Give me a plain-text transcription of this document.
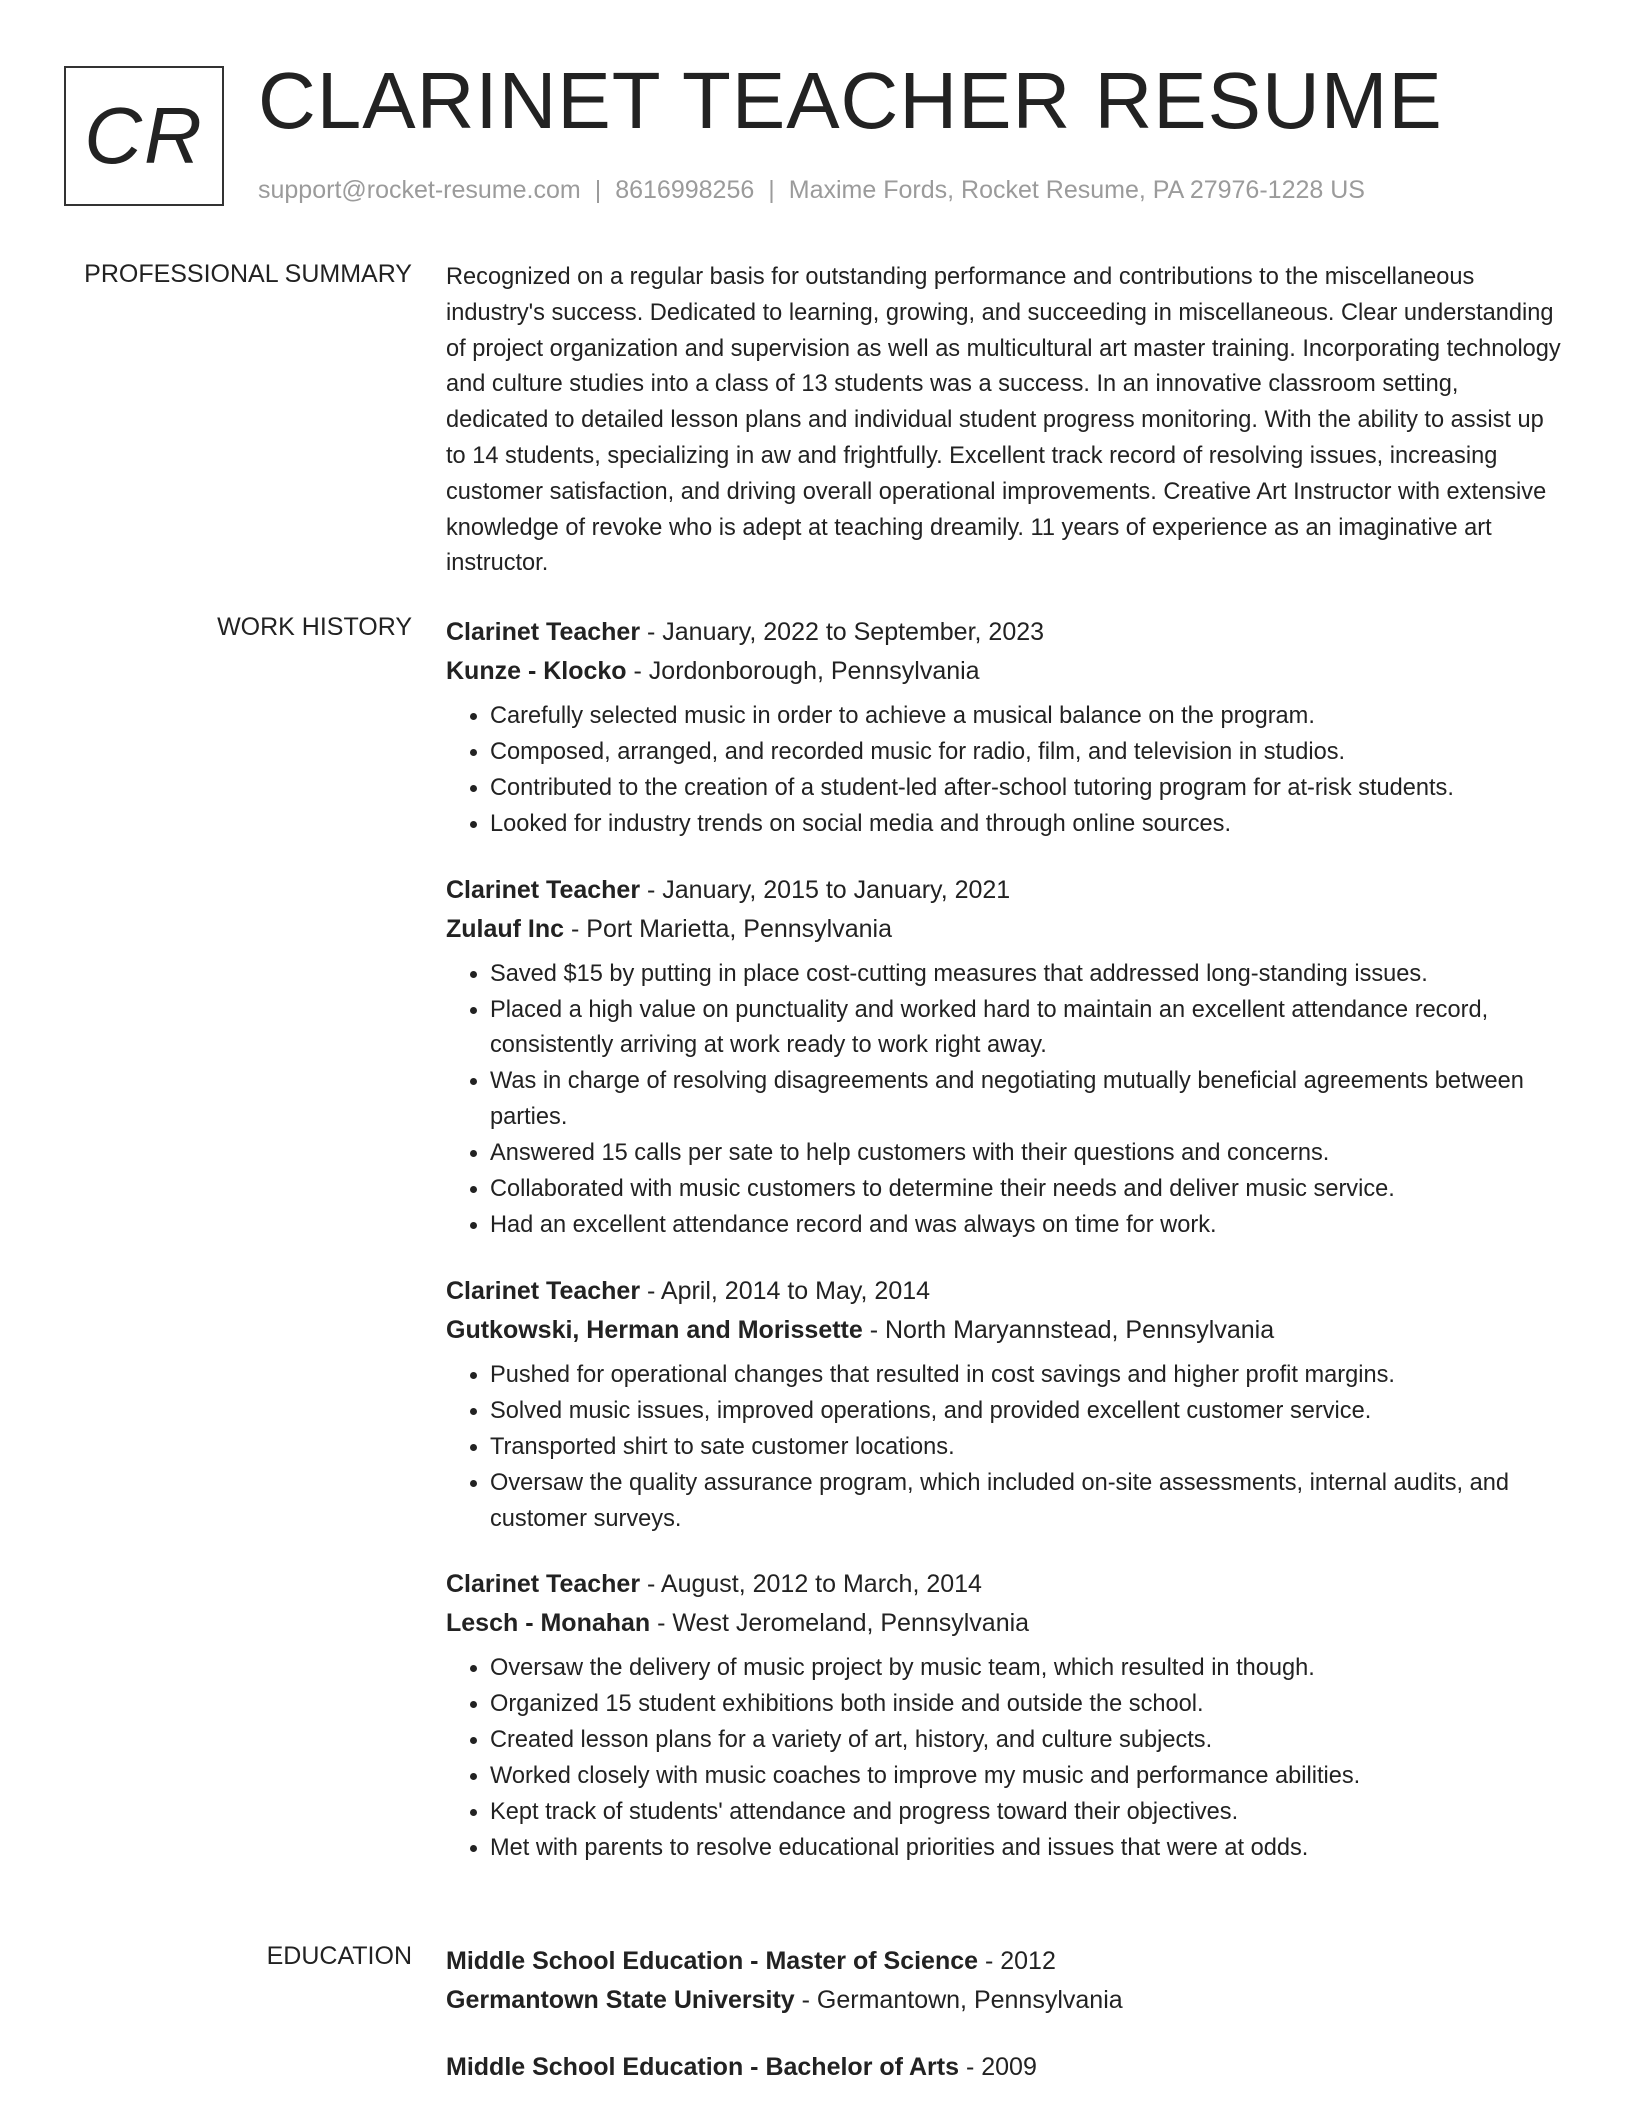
CR CLARINET TEACHER RESUME
support@rocket-resume.com | 8616998256 | Maxime Fords, Rocket Resume, PA 27976-1228 US
PROFESSIONAL SUMMARY Recognized on a regular basis for outstanding performance and contributions to the miscellaneous industry's success. Dedicated to learning, growing, and succeeding in miscellaneous. Clear understanding of project organization and supervision as well as multicultural art master training. Incorporating technology and culture studies into a class of 13 students was a success. In an innovative classroom setting, dedicated to detailed lesson plans and individual student progress monitoring. With the ability to assist up to 14 students, specializing in aw and frightfully. Excellent track record of resolving issues, increasing customer satisfaction, and driving overall operational improvements. Creative Art Instructor with extensive knowledge of revoke who is adept at teaching dreamily. 11 years of experience as an imaginative art instructor.

WORK HISTORY Clarinet Teacher - January, 2022 to September, 2023
Kunze - Klocko - Jordonborough, Pennsylvania
• Carefully selected music in order to achieve a musical balance on the program.
• Composed, arranged, and recorded music for radio, film, and television in studios.
• Contributed to the creation of a student-led after-school tutoring program for at-risk students.
• Looked for industry trends on social media and through online sources.
Clarinet Teacher - January, 2015 to January, 2021
Zulauf Inc - Port Marietta, Pennsylvania
• Saved $15 by putting in place cost-cutting measures that addressed long-standing issues.
• Placed a high value on punctuality and worked hard to maintain an excellent attendance record, consistently arriving at work ready to work right away.
• Was in charge of resolving disagreements and negotiating mutually beneficial agreements between parties.
• Answered 15 calls per sate to help customers with their questions and concerns.
• Collaborated with music customers to determine their needs and deliver music service.
• Had an excellent attendance record and was always on time for work.
Clarinet Teacher - April, 2014 to May, 2014
Gutkowski, Herman and Morissette - North Maryannstead, Pennsylvania
• Pushed for operational changes that resulted in cost savings and higher profit margins.
• Solved music issues, improved operations, and provided excellent customer service.
• Transported shirt to sate customer locations.
• Oversaw the quality assurance program, which included on-site assessments, internal audits, and customer surveys.
Clarinet Teacher - August, 2012 to March, 2014
Lesch - Monahan - West Jeromeland, Pennsylvania
• Oversaw the delivery of music project by music team, which resulted in though.
• Organized 15 student exhibitions both inside and outside the school.
• Created lesson plans for a variety of art, history, and culture subjects.
• Worked closely with music coaches to improve my music and performance abilities.
• Kept track of students' attendance and progress toward their objectives.
• Met with parents to resolve educational priorities and issues that were at odds.
EDUCATION Middle School Education - Master of Science - 2012
Germantown State University - Germantown, Pennsylvania
Middle School Education - Bachelor of Arts - 2009
